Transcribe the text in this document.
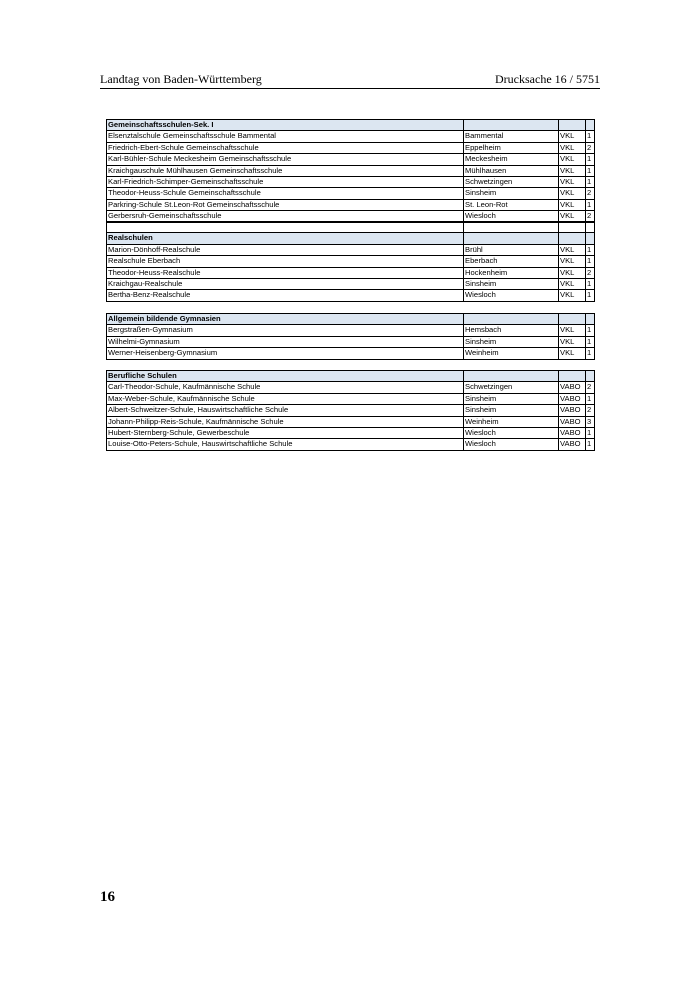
Landtag von Baden-Württemberg	Drucksache 16 / 5751
Gemeinschaftsschulen-Sek. I			
Elsenztalschule Gemeinschaftsschule Bammental	Bammental	VKL	1
Friedrich-Ebert-Schule Gemeinschaftsschule	Eppelheim	VKL	2
Karl-Bühler-Schule Meckesheim Gemeinschaftsschule	Meckesheim	VKL	1
Kraichgauschule Mühlhausen Gemeinschaftsschule	Mühlhausen	VKL	1
Karl-Friedrich-Schimper-Gemeinschaftsschule	Schwetzingen	VKL	1
Theodor-Heuss-Schule Gemeinschaftsschule	Sinsheim	VKL	2
Parkring-Schule St.Leon-Rot Gemeinschaftsschule	St. Leon-Rot	VKL	1
Gerbersruh-Gemeinschaftsschule	Wiesloch	VKL	2

Realschulen			
Marion-Dönhoff-Realschule	Brühl	VKL	1
Realschule Eberbach	Eberbach	VKL	1
Theodor-Heuss-Realschule	Hockenheim	VKL	2
Kraichgau-Realschule	Sinsheim	VKL	1
Bertha-Benz-Realschule	Wiesloch	VKL	1
Allgemein bildende Gymnasien			
Bergstraßen-Gymnasium	Hemsbach	VKL	1
Wilhelmi-Gymnasium	Sinsheim	VKL	1
Werner-Heisenberg-Gymnasium	Weinheim	VKL	1
Berufliche Schulen			
Carl-Theodor-Schule, Kaufmännische Schule	Schwetzingen	VABO	2
Max-Weber-Schule, Kaufmännische Schule	Sinsheim	VABO	1
Albert-Schweitzer-Schule, Hauswirtschaftliche Schule	Sinsheim	VABO	2
Johann-Philipp-Reis-Schule, Kaufmännische Schule	Weinheim	VABO	3
Hubert-Sternberg-Schule, Gewerbeschule	Wiesloch	VABO	1
Louise-Otto-Peters-Schule, Hauswirtschaftliche Schule	Wiesloch	VABO	1
16
